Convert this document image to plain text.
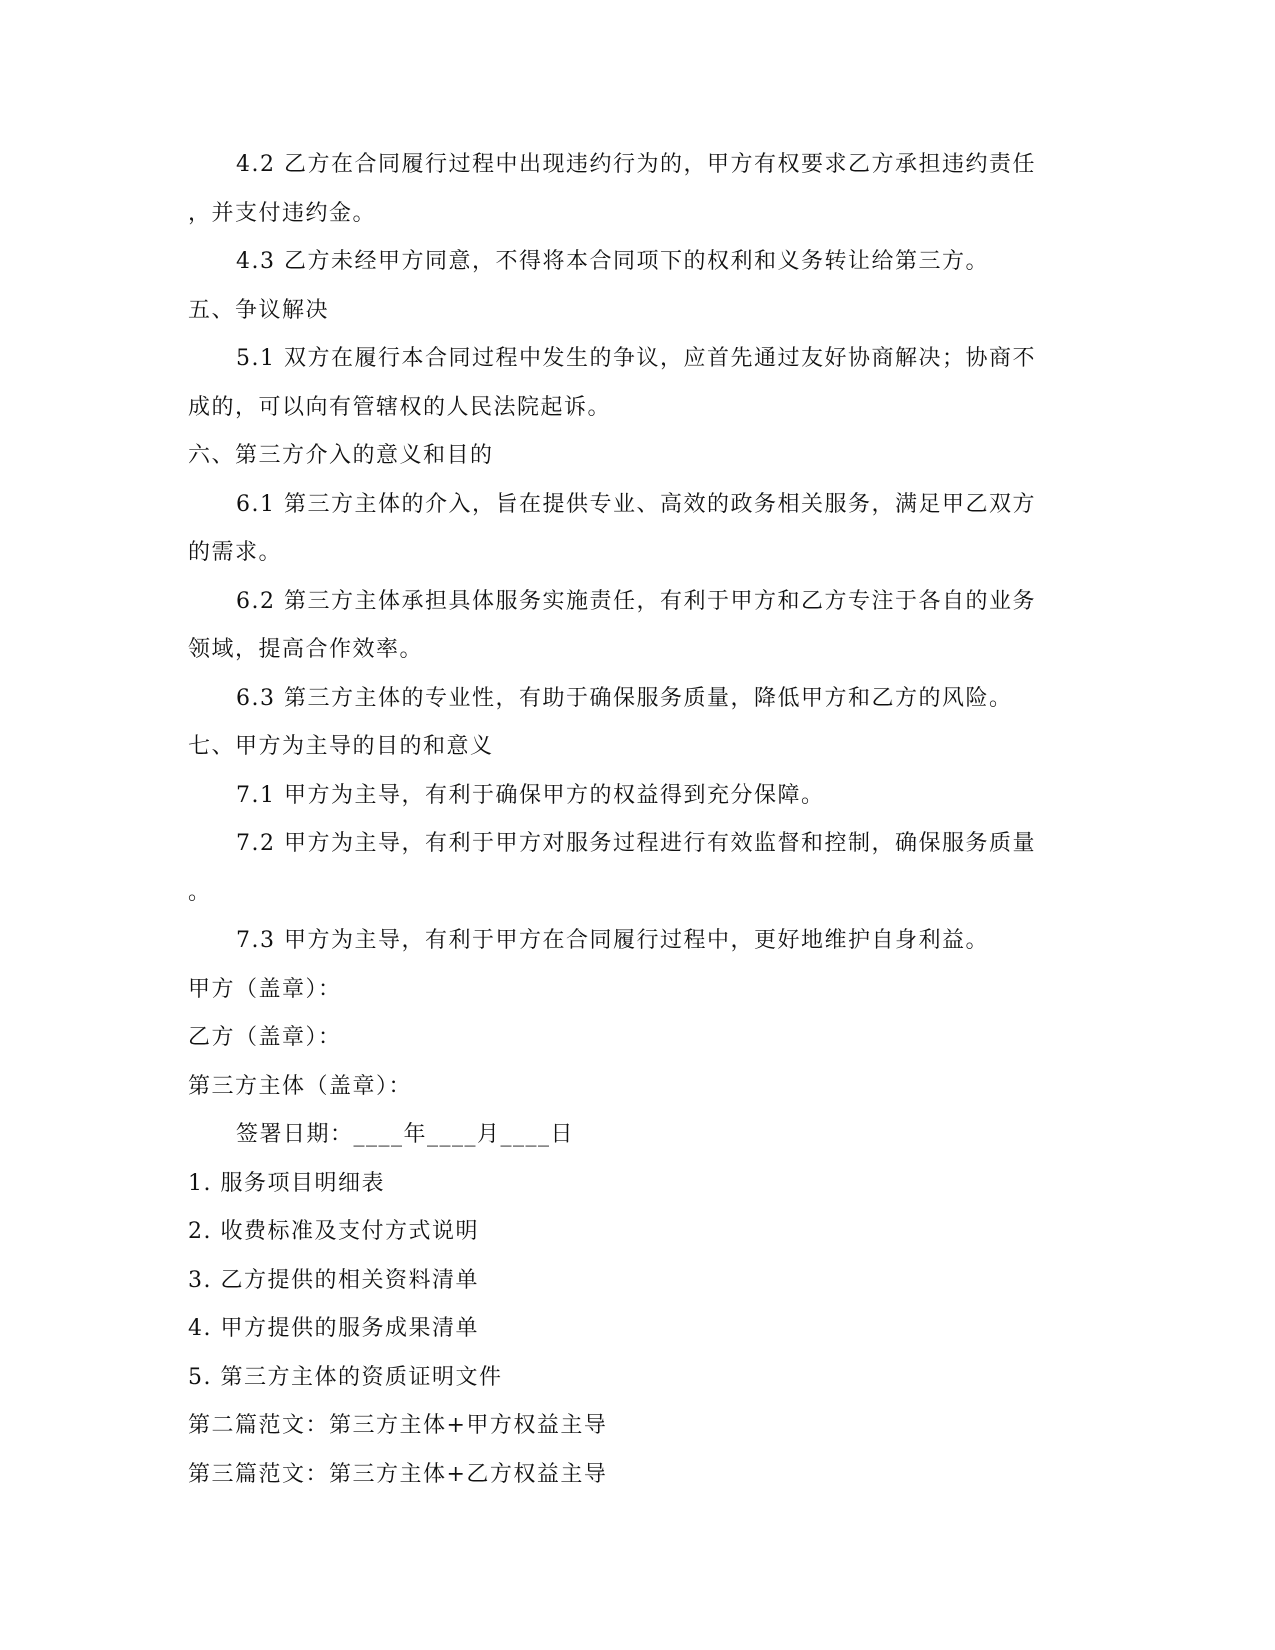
4.2 乙方在合同履行过程中出现违约行为的，甲方有权要求乙方承担违约责任
，并支付违约金。
4.3 乙方未经甲方同意，不得将本合同项下的权利和义务转让给第三方。
五、争议解决
5.1 双方在履行本合同过程中发生的争议，应首先通过友好协商解决；协商不
成的，可以向有管辖权的人民法院起诉。
六、第三方介入的意义和目的
6.1 第三方主体的介入，旨在提供专业、高效的政务相关服务，满足甲乙双方
的需求。
6.2 第三方主体承担具体服务实施责任，有利于甲方和乙方专注于各自的业务
领域，提高合作效率。
6.3 第三方主体的专业性，有助于确保服务质量，降低甲方和乙方的风险。
七、甲方为主导的目的和意义
7.1 甲方为主导，有利于确保甲方的权益得到充分保障。
7.2 甲方为主导，有利于甲方对服务过程进行有效监督和控制，确保服务质量
。
7.3 甲方为主导，有利于甲方在合同履行过程中，更好地维护自身利益。
甲方（盖章）：
乙方（盖章）：
第三方主体（盖章）：
签署日期：____年____月____日
1. 服务项目明细表
2. 收费标准及支付方式说明
3. 乙方提供的相关资料清单
4. 甲方提供的服务成果清单
5. 第三方主体的资质证明文件
第二篇范文：第三方主体+甲方权益主导
第三篇范文：第三方主体+乙方权益主导
